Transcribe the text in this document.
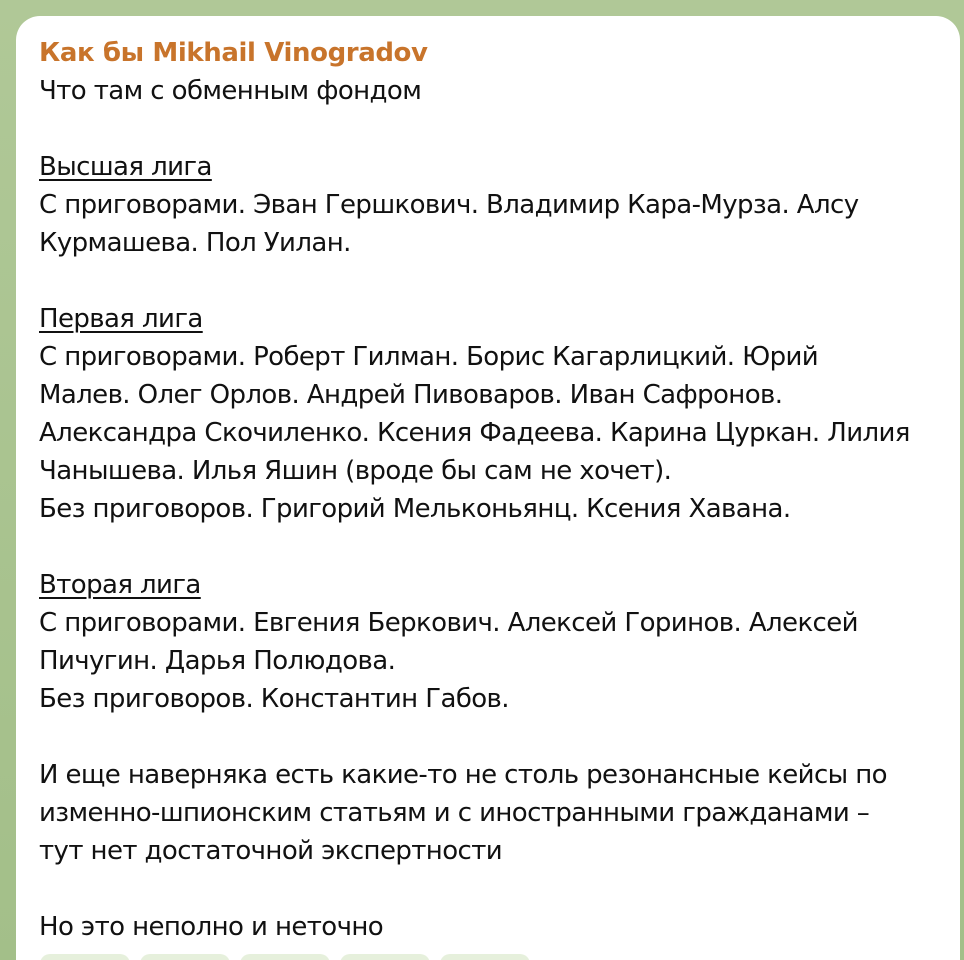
Как бы Mikhail Vinogradov
Что там с обменным фондом
Высшая лига
С приговорами. Эван Гершкович. Владимир Кара-Мурза. Алсу
Курмашева. Пол Уилан.
Первая лига
С приговорами. Роберт Гилман. Борис Кагарлицкий. Юрий
Малев. Олег Орлов. Андрей Пивоваров. Иван Сафронов.
Александра Скочиленко. Ксения Фадеева. Карина Цуркан. Лилия
Чанышева. Илья Яшин (вроде бы сам не хочет).
Без приговоров. Григорий Мельконьянц. Ксения Хавана.
Вторая лига
С приговорами. Евгения Беркович. Алексей Горинов. Алексей
Пичугин. Дарья Полюдова.
Без приговоров. Константин Габов.
И еще наверняка есть какие-то не столь резонансные кейсы по
изменно-шпионским статьям и с иностранными гражданами –
тут нет достаточной экспертности
Но это неполно и неточно
